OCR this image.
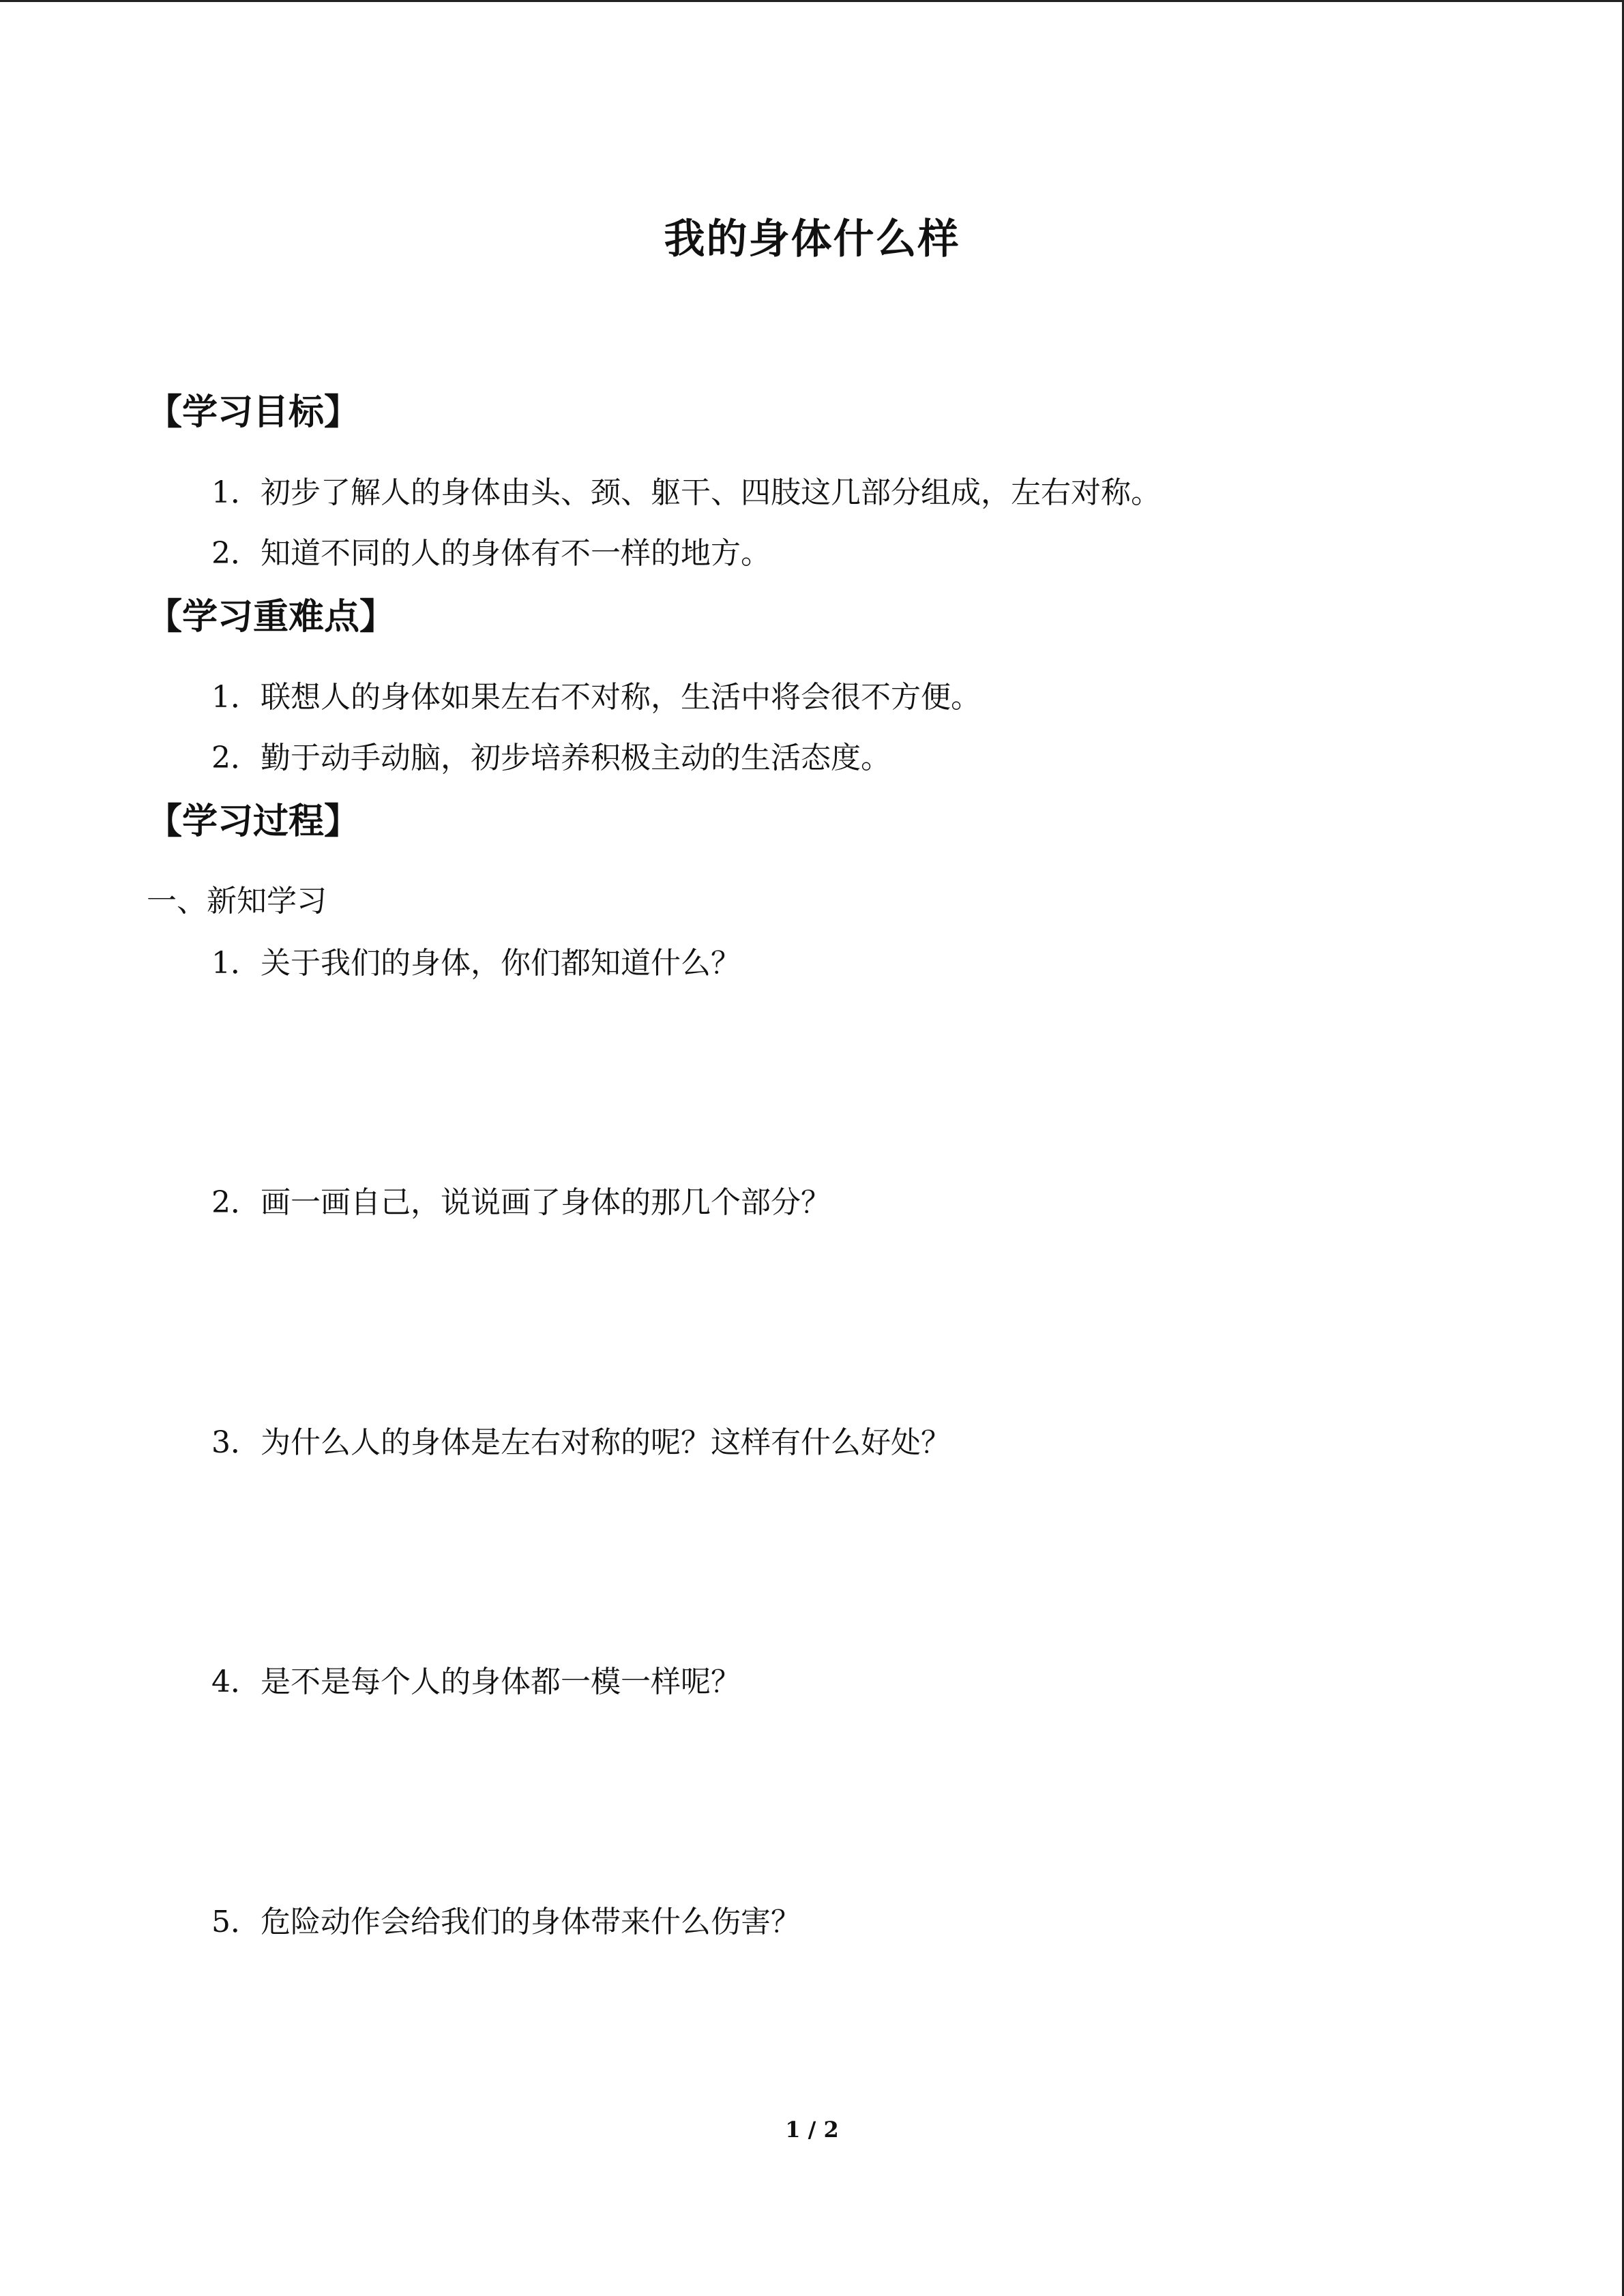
我的身体什么样
【学习目标】
1．初步了解人的身体由头、颈、躯干、四肢这几部分组成，左右对称。
2．知道不同的人的身体有不一样的地方。
【学习重难点】
1．联想人的身体如果左右不对称，生活中将会很不方便。
2．勤于动手动脑，初步培养积极主动的生活态度。
【学习过程】
一、新知学习
1．关于我们的身体，你们都知道什么？
2．画一画自己，说说画了身体的那几个部分？
3．为什么人的身体是左右对称的呢？这样有什么好处？
4．是不是每个人的身体都一模一样呢？
5．危险动作会给我们的身体带来什么伤害？
1 / 2
